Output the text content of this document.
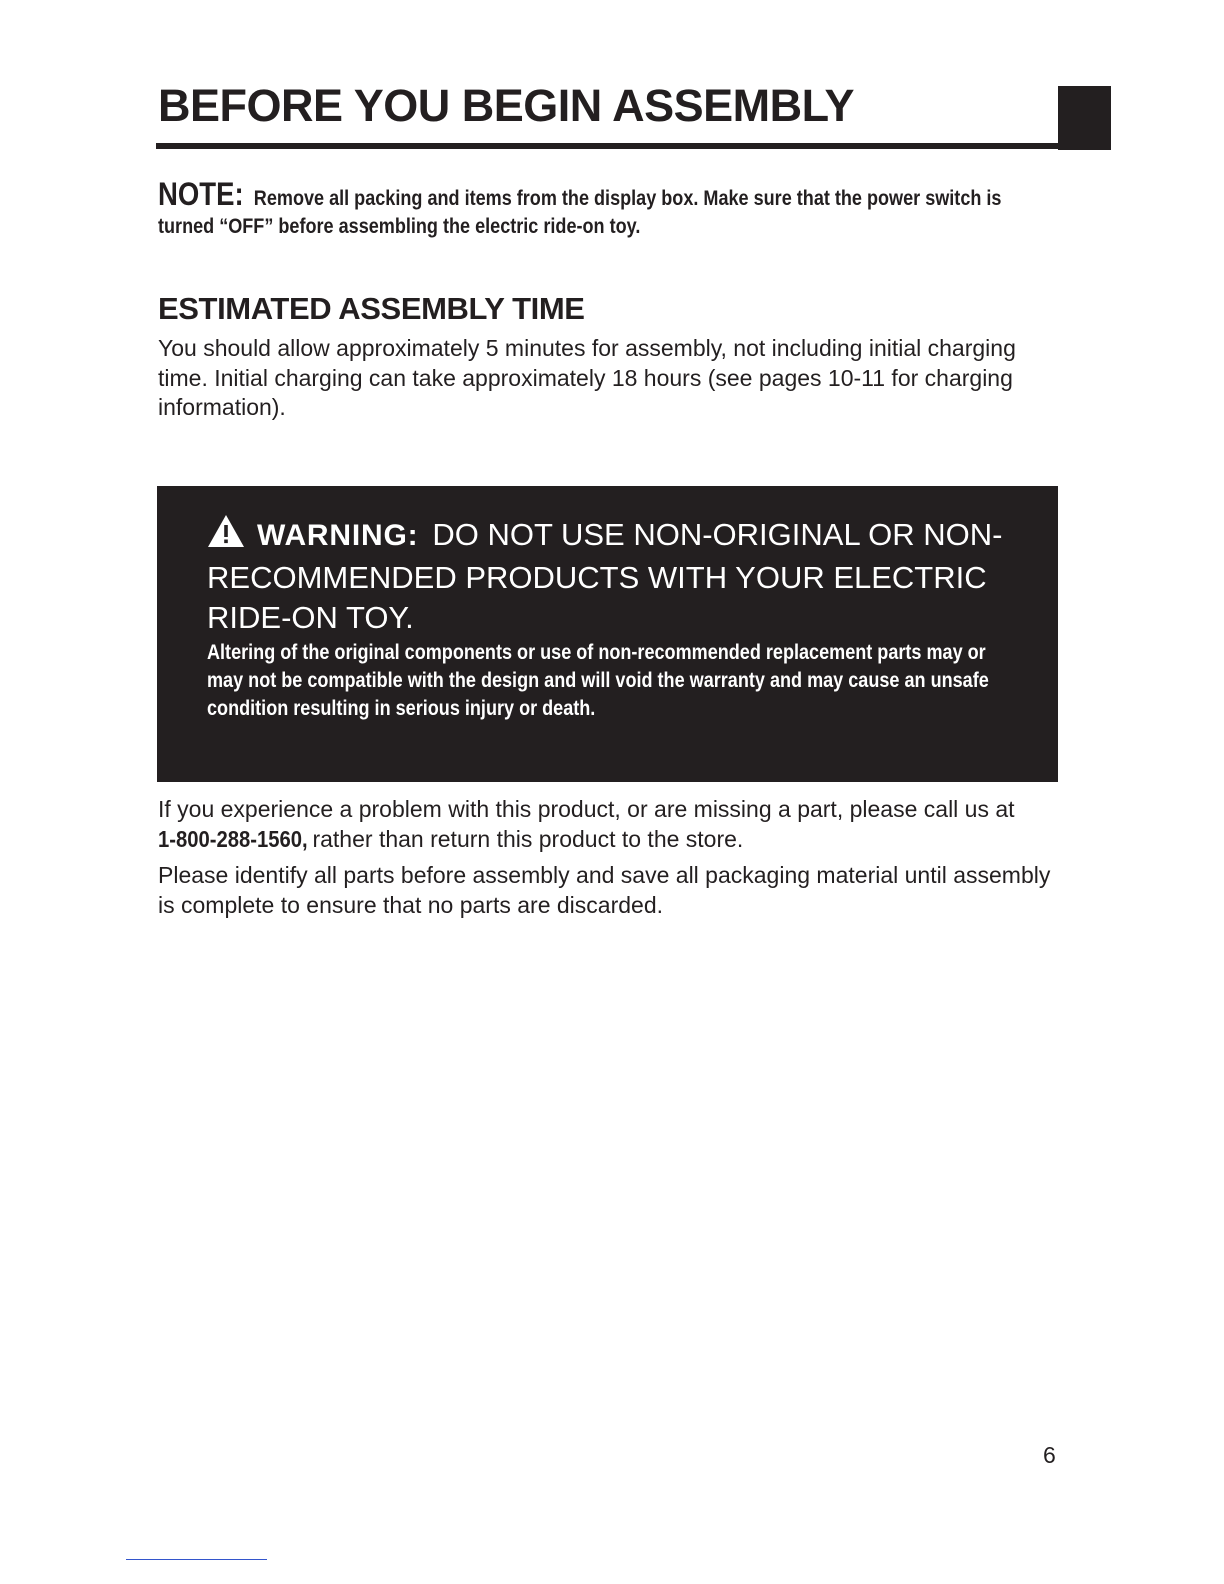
BEFORE YOU BEGIN ASSEMBLY

NOTE: Remove all packing and items from the display box. Make sure that the power switch is turned “OFF” before assembling the electric ride-on toy.

ESTIMATED ASSEMBLY TIME

You should allow approximately 5 minutes for assembly, not including initial charging time. Initial charging can take approximately 18 hours (see pages 10-11 for charging information).

WARNING: DO NOT USE NON-ORIGINAL OR NON-RECOMMENDED PRODUCTS WITH YOUR ELECTRIC RIDE-ON TOY.

Altering of the original components or use of non-recommended replacement parts may or may not be compatible with the design and will void the warranty and may cause an unsafe condition resulting in serious injury or death.

If you experience a problem with this product, or are missing a part, please call us at 1-800-288-1560, rather than return this product to the store.

Please identify all parts before assembly and save all packaging material until assembly is complete to ensure that no parts are discarded.

6
